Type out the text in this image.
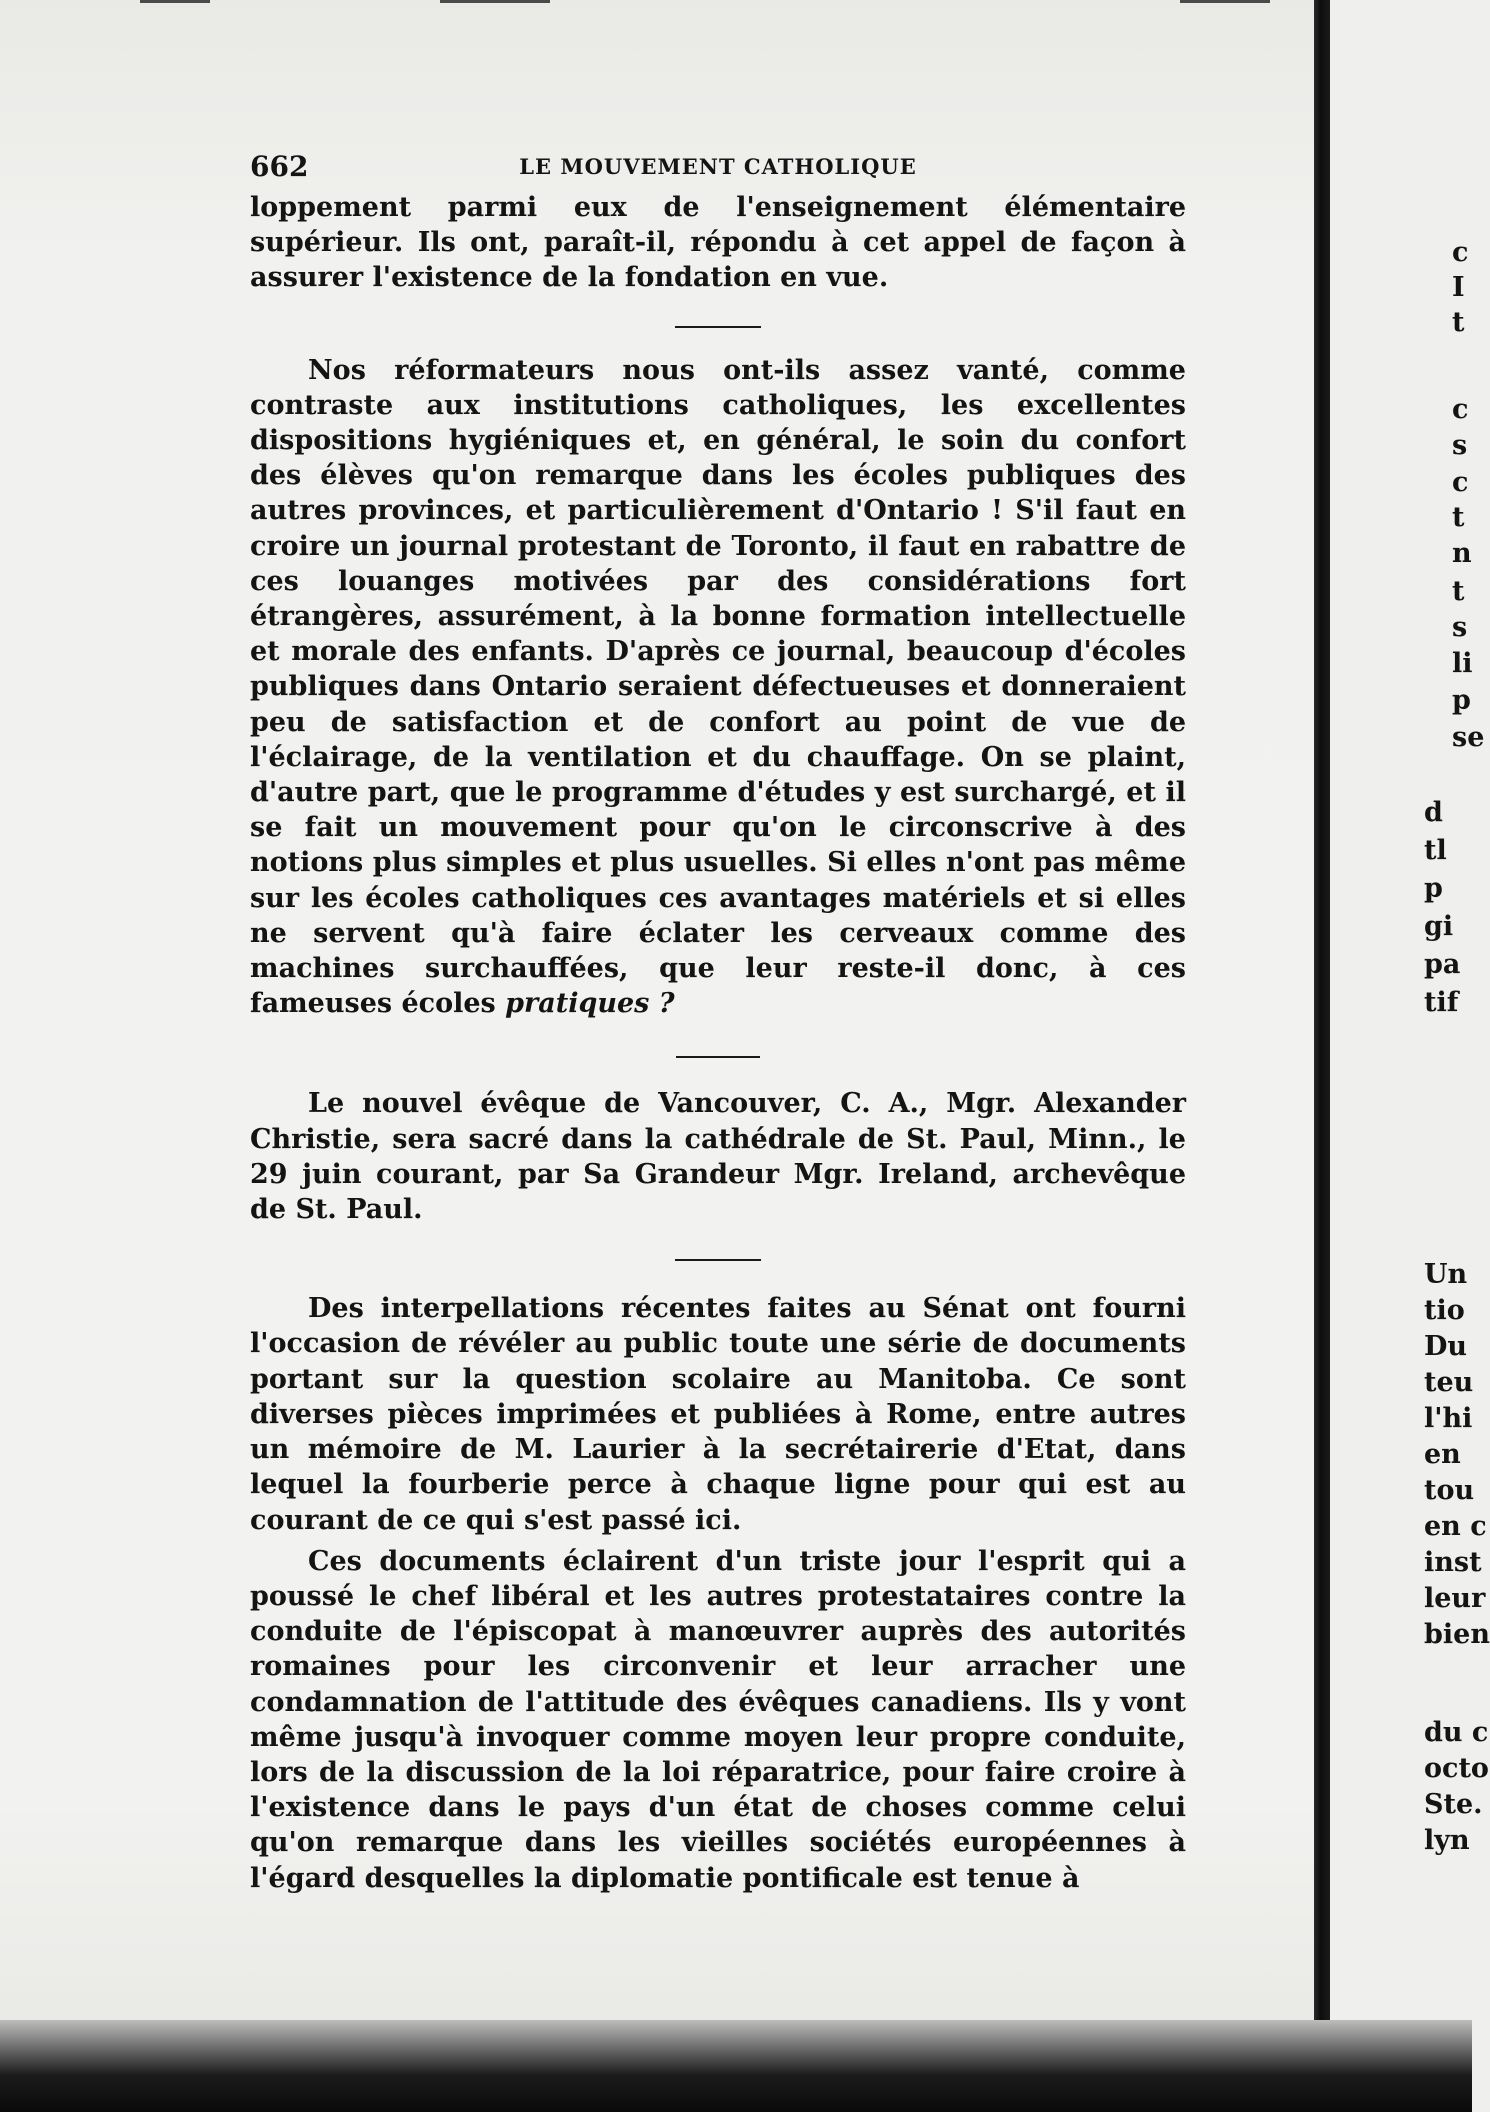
c
I
t
c
s
c
t
n
t
s
li
p
se
d
tl
p
gi
pa
tif
Un
tio
Du
teu
l'hi
en
tou
en c
inst
leur
bien
du c
octo
Ste.
lyn
662	LE MOUVEMENT CATHOLIQUE

loppement parmi eux de l'enseignement élémentaire supérieur. Ils ont, paraît-il, répondu à cet appel de façon à assurer l'existence de la fondation en vue.

Nos réformateurs nous ont-ils assez vanté, comme contraste aux institutions catholiques, les excellentes dispositions hygiéniques et, en général, le soin du confort des élèves qu'on remarque dans les écoles publiques des autres provinces, et particulièrement d'Ontario ! S'il faut en croire un journal protestant de Toronto, il faut en rabattre de ces louanges motivées par des considérations fort étrangères, assurément, à la bonne formation intellectuelle et morale des enfants. D'après ce journal, beaucoup d'écoles publiques dans Ontario seraient défectueuses et donneraient peu de satisfaction et de confort au point de vue de l'éclairage, de la ventilation et du chauffage. On se plaint, d'autre part, que le programme d'études y est surchargé, et il se fait un mouvement pour qu'on le circonscrive à des notions plus simples et plus usuelles. Si elles n'ont pas même sur les écoles catholiques ces avantages matériels et si elles ne servent qu'à faire éclater les cerveaux comme des machines surchauffées, que leur reste-il donc, à ces fameuses écoles pratiques ?

Le nouvel évêque de Vancouver, C. A., Mgr. Alexander Christie, sera sacré dans la cathédrale de St. Paul, Minn., le 29 juin courant, par Sa Grandeur Mgr. Ireland, archevêque de St. Paul.

Des interpellations récentes faites au Sénat ont fourni l'occasion de révéler au public toute une série de documents portant sur la question scolaire au Manitoba. Ce sont diverses pièces imprimées et publiées à Rome, entre autres un mémoire de M. Laurier à la secrétairerie d'Etat, dans lequel la fourberie perce à chaque ligne pour qui est au courant de ce qui s'est passé ici.

Ces documents éclairent d'un triste jour l'esprit qui a poussé le chef libéral et les autres protestataires contre la conduite de l'épiscopat à manœuvrer auprès des autorités romaines pour les circonvenir et leur arracher une condamnation de l'attitude des évêques canadiens. Ils y vont même jusqu'à invoquer comme moyen leur propre conduite, lors de la discussion de la loi réparatrice, pour faire croire à l'existence dans le pays d'un état de choses comme celui qu'on remarque dans les vieilles sociétés européennes à l'égard desquelles la diplomatie pontificale est tenue à
